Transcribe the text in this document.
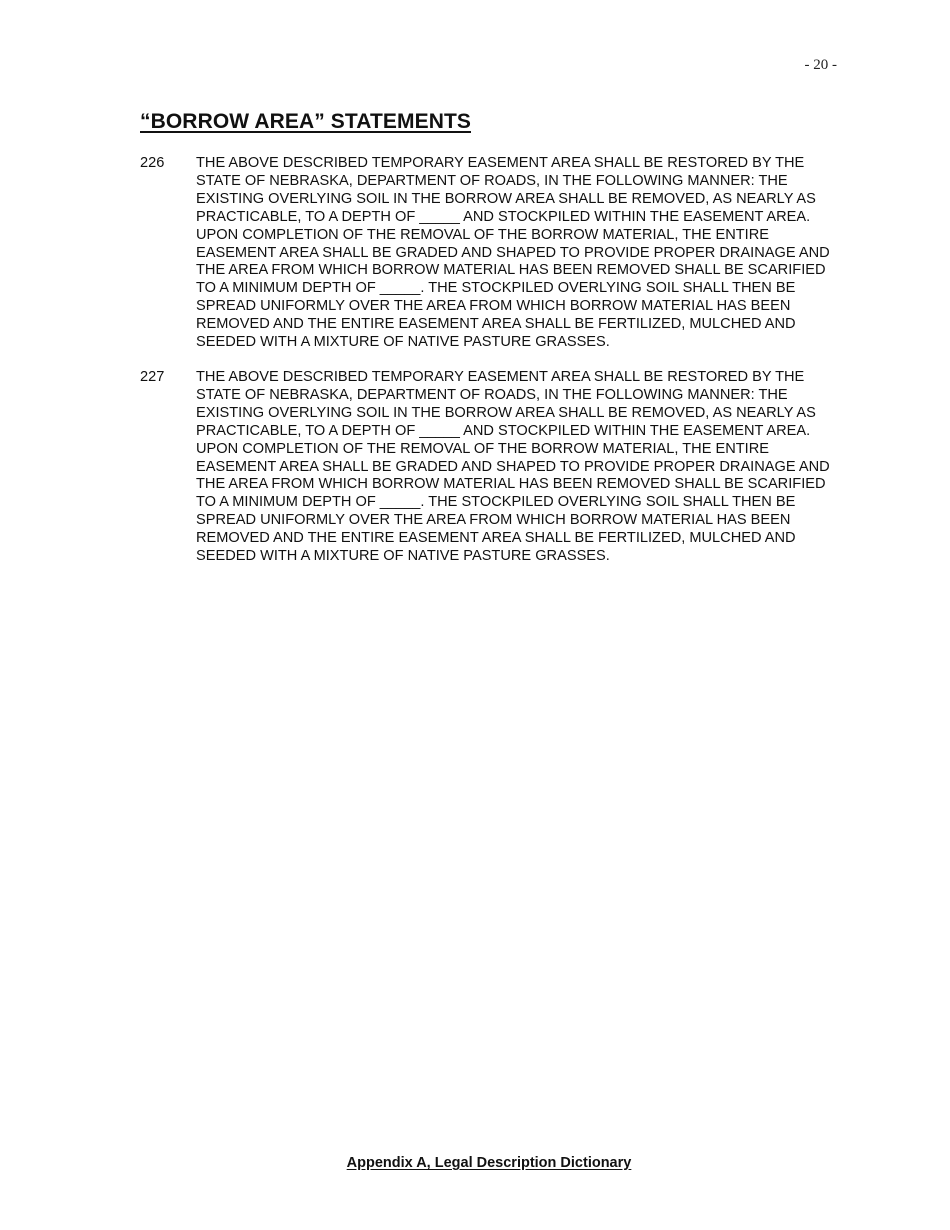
- 20 -
“BORROW AREA” STATEMENTS
226	THE ABOVE DESCRIBED TEMPORARY EASEMENT AREA SHALL BE RESTORED BY THE STATE OF NEBRASKA, DEPARTMENT OF ROADS, IN THE FOLLOWING MANNER: THE EXISTING OVERLYING SOIL IN THE BORROW AREA SHALL BE REMOVED, AS NEARLY AS PRACTICABLE, TO A DEPTH OF _____ AND STOCKPILED WITHIN THE EASEMENT AREA. UPON COMPLETION OF THE REMOVAL OF THE BORROW MATERIAL, THE ENTIRE EASEMENT AREA SHALL BE GRADED AND SHAPED TO PROVIDE PROPER DRAINAGE AND THE AREA FROM WHICH BORROW MATERIAL HAS BEEN REMOVED SHALL BE SCARIFIED TO A MINIMUM DEPTH OF _____. THE STOCKPILED OVERLYING SOIL SHALL THEN BE SPREAD UNIFORMLY OVER THE AREA FROM WHICH BORROW MATERIAL HAS BEEN REMOVED AND THE ENTIRE EASEMENT AREA SHALL BE FERTILIZED, MULCHED AND SEEDED WITH A MIXTURE OF NATIVE PASTURE GRASSES.
227	THE ABOVE DESCRIBED TEMPORARY EASEMENT AREA SHALL BE RESTORED BY THE STATE OF NEBRASKA, DEPARTMENT OF ROADS, IN THE FOLLOWING MANNER: THE EXISTING OVERLYING SOIL IN THE BORROW AREA SHALL BE REMOVED, AS NEARLY AS PRACTICABLE, TO A DEPTH OF _____ AND STOCKPILED WITHIN THE EASEMENT AREA. UPON COMPLETION OF THE REMOVAL OF THE BORROW MATERIAL, THE ENTIRE EASEMENT AREA SHALL BE GRADED AND SHAPED TO PROVIDE PROPER DRAINAGE AND THE AREA FROM WHICH BORROW MATERIAL HAS BEEN REMOVED SHALL BE SCARIFIED TO A MINIMUM DEPTH OF _____. THE STOCKPILED OVERLYING SOIL SHALL THEN BE SPREAD UNIFORMLY OVER THE AREA FROM WHICH BORROW MATERIAL HAS BEEN REMOVED AND THE ENTIRE EASEMENT AREA SHALL BE FERTILIZED, MULCHED AND SEEDED WITH A MIXTURE OF NATIVE PASTURE GRASSES.
Appendix A, Legal Description Dictionary
